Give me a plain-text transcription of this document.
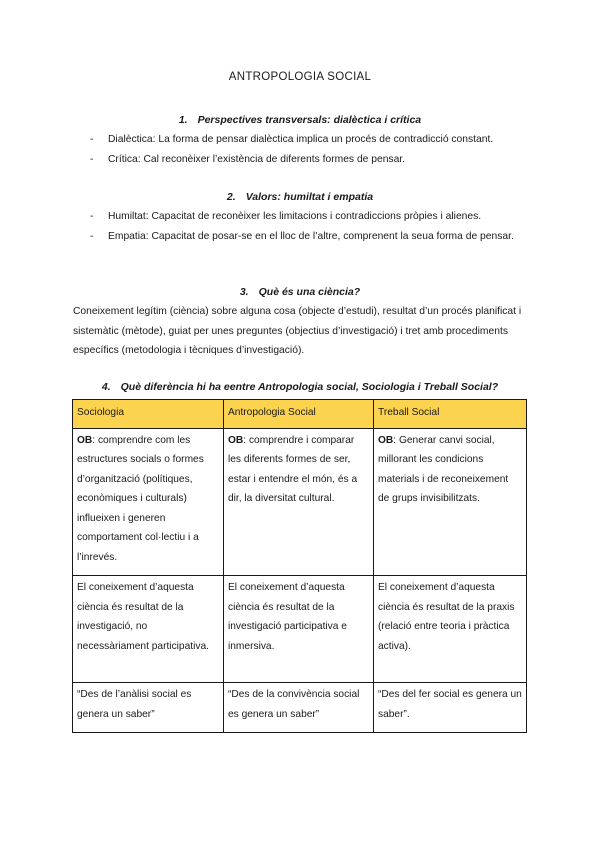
ANTROPOLOGIA SOCIAL
1. Perspectives transversals: dialèctica i crítica
- Dialèctica: La forma de pensar dialèctica implica un procés de contradicció constant.
- Crítica: Cal reconèixer l’existència de diferents formes de pensar.
2. Valors: humiltat i empatia
- Humiltat: Capacitat de reconèixer les limitacions i contradiccions pròpies i alienes.
- Empatia: Capacitat de posar-se en el lloc de l’altre, comprenent la seua forma de pensar.
3. Què és una ciència?
Coneixement legítim (ciència) sobre alguna cosa (objecte d’estudi), resultat d’un procés planificat i sistemàtic (mètode), guiat per unes preguntes (objectius d’investigació) i tret amb procediments específics (metodologia i tècniques d’investigació).
4. Què diferència hi ha eentre Antropologia social, Sociologia i Treball Social?
Sociologia	Antropologia Social	Treball Social
OB: comprendre com les estructures socials o formes d’organització (polítiques, econòmiques i culturals) influeixen i generen comportament col·lectiu i a l’inrevés.	OB: comprendre i comparar les diferents formes de ser, estar i entendre el món, és a dir, la diversitat cultural.	OB: Generar canvi social, millorant les condicions materials i de reconeixement de grups invisibilitzats.
El coneixement d’aquesta ciència és resultat de la investigació, no necessàriament participativa.	El coneixement d’aquesta ciència és resultat de la investigació participativa e inmersiva.	El coneixement d’aquesta ciència és resultat de la praxis (relació entre teoria i pràctica activa).
“Des de l’anàlisi social es genera un saber”	“Des de la convivència social es genera un saber”	“Des del fer social es genera un saber”.
